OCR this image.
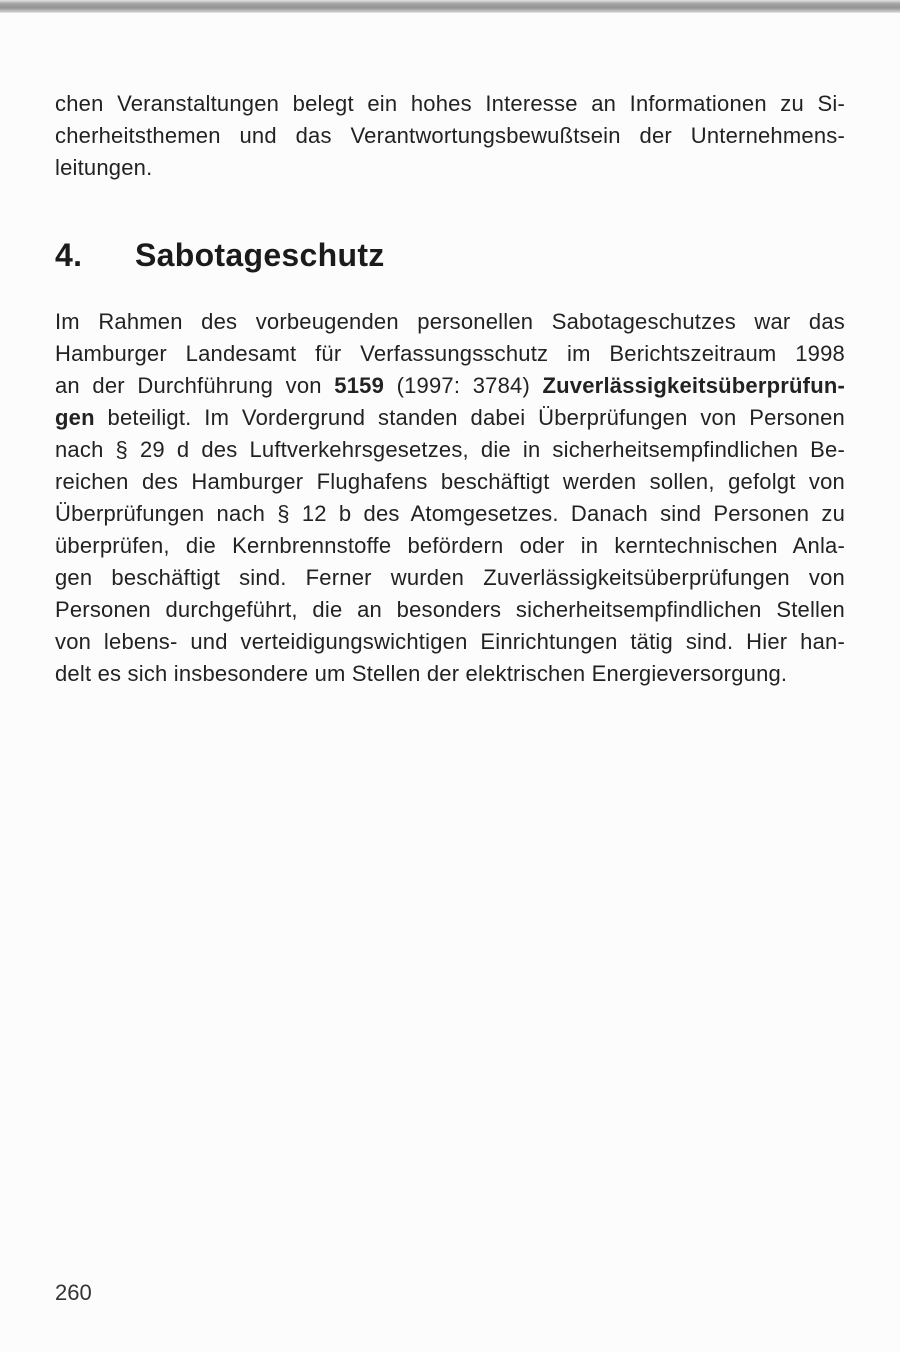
chen Veranstaltungen belegt ein hohes Interesse an Informationen zu Si-
cherheitsthemen und das Verantwortungsbewußtsein der Unternehmens-
leitungen.
4. Sabotageschutz
Im Rahmen des vorbeugenden personellen Sabotageschutzes war das
Hamburger Landesamt für Verfassungsschutz im Berichtszeitraum 1998
an der Durchführung von 5159 (1997: 3784) Zuverlässigkeitsüberprüfun-
gen beteiligt. Im Vordergrund standen dabei Überprüfungen von Personen
nach § 29 d des Luftverkehrsgesetzes, die in sicherheitsempfindlichen Be-
reichen des Hamburger Flughafens beschäftigt werden sollen, gefolgt von
Überprüfungen nach § 12 b des Atomgesetzes. Danach sind Personen zu
überprüfen, die Kernbrennstoffe befördern oder in kerntechnischen Anla-
gen beschäftigt sind. Ferner wurden Zuverlässigkeitsüberprüfungen von
Personen durchgeführt, die an besonders sicherheitsempfindlichen Stellen
von lebens- und verteidigungswichtigen Einrichtungen tätig sind. Hier han-
delt es sich insbesondere um Stellen der elektrischen Energieversorgung.
260
